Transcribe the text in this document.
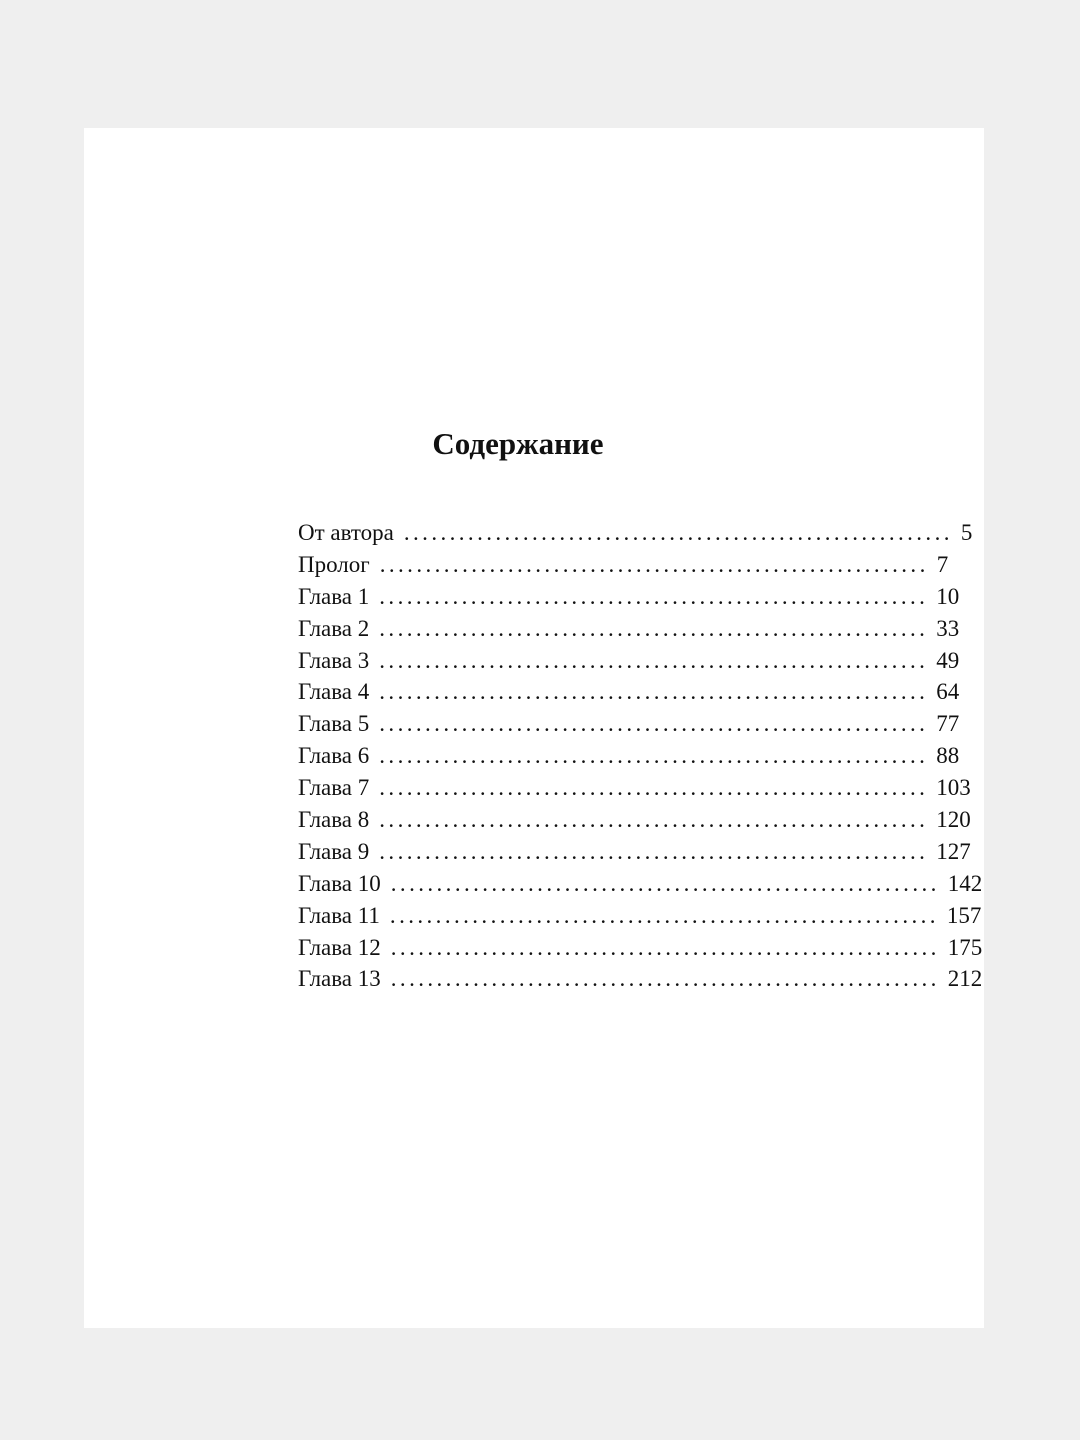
Содержание
От автора ............................................................ 5
Пролог ............................................................ 7
Глава 1 ............................................................ 10
Глава 2 ............................................................ 33
Глава 3 ............................................................ 49
Глава 4 ............................................................ 64
Глава 5 ............................................................ 77
Глава 6 ............................................................ 88
Глава 7 ............................................................ 103
Глава 8 ............................................................ 120
Глава 9 ............................................................ 127
Глава 10 ............................................................ 142
Глава 11 ............................................................ 157
Глава 12 ............................................................ 175
Глава 13 ............................................................ 212
